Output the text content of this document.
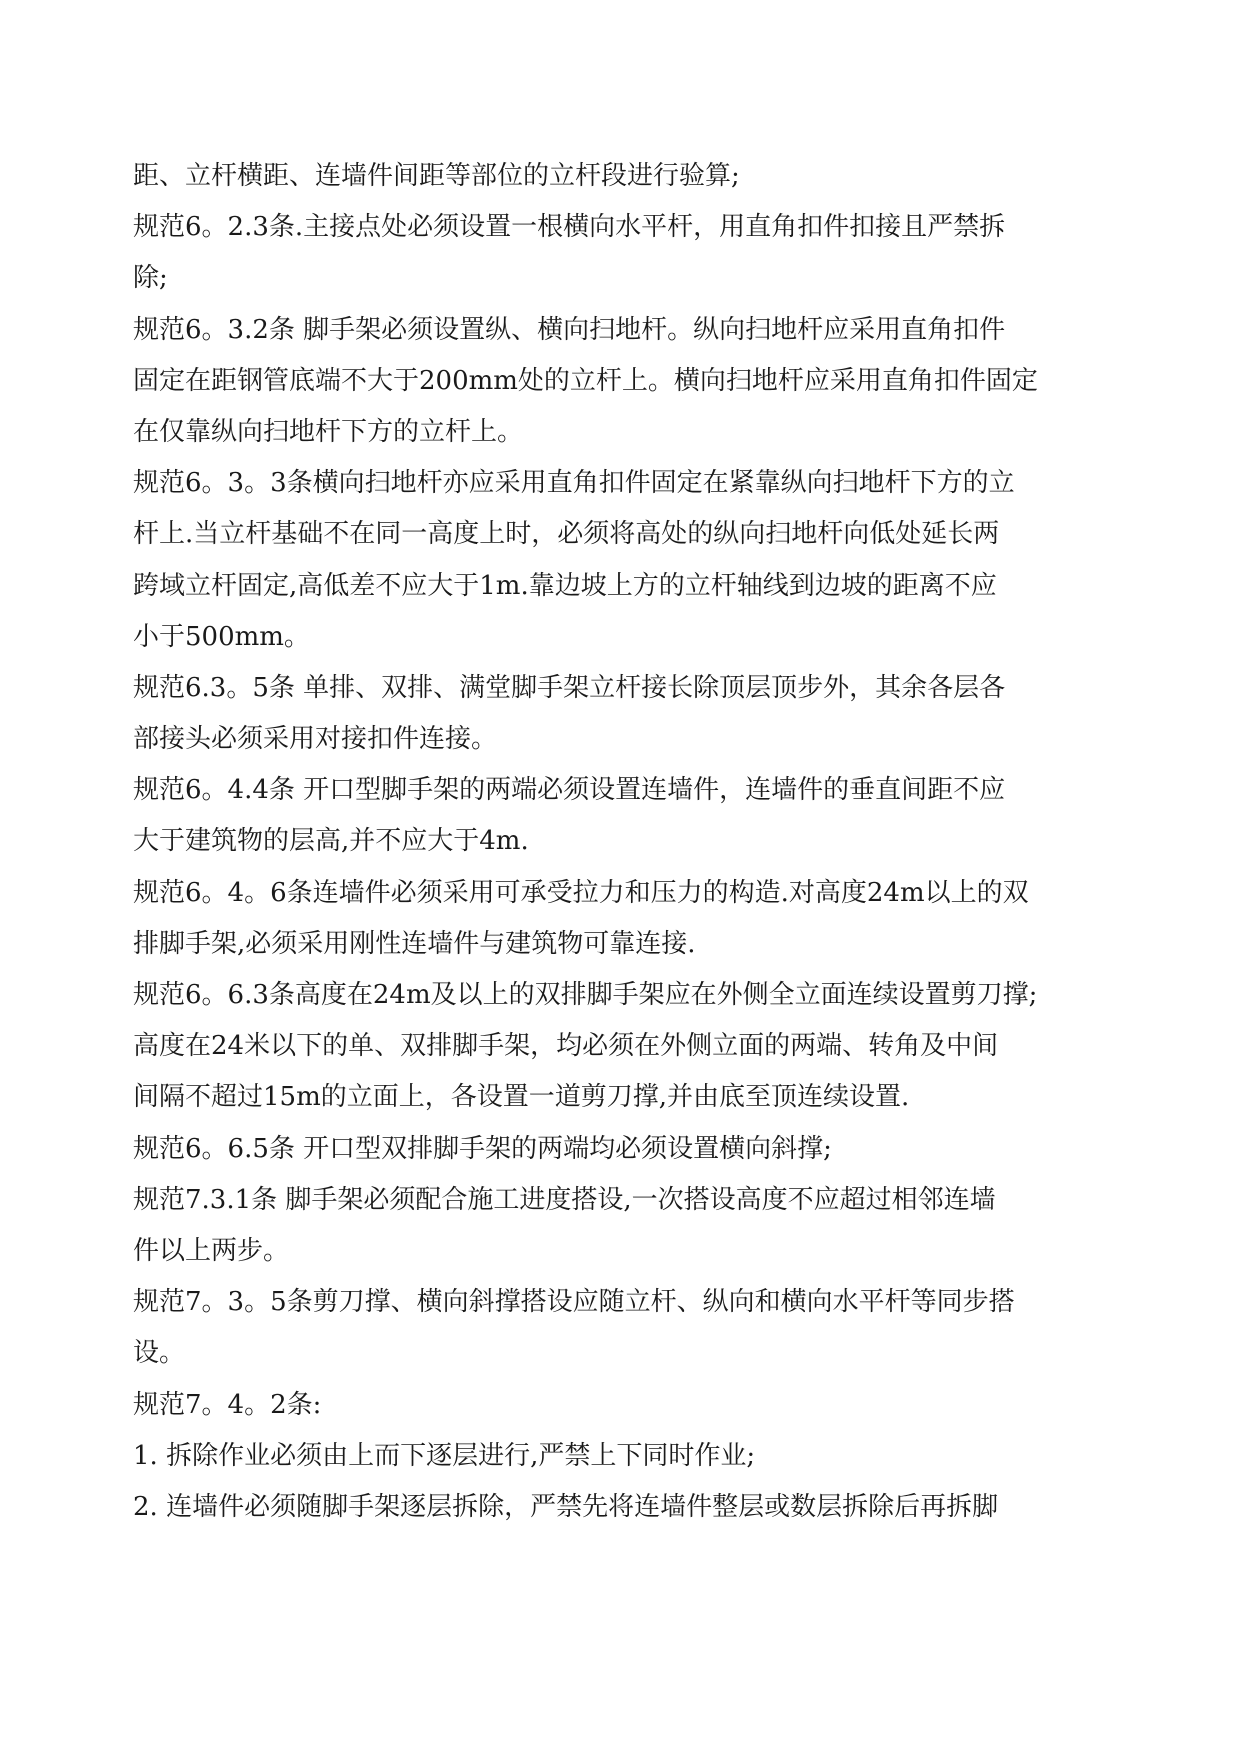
距、立杆横距、连墙件间距等部位的立杆段进行验算;
规范6。2.3条.主接点处必须设置一根横向水平杆，用直角扣件扣接且严禁拆
除;
规范6。3.2条 脚手架必须设置纵、横向扫地杆。纵向扫地杆应采用直角扣件
固定在距钢管底端不大于200mm处的立杆上。横向扫地杆应采用直角扣件固定
在仅靠纵向扫地杆下方的立杆上。
规范6。3。3条横向扫地杆亦应采用直角扣件固定在紧靠纵向扫地杆下方的立
杆上.当立杆基础不在同一高度上时，必须将高处的纵向扫地杆向低处延长两
跨域立杆固定,高低差不应大于1m.靠边坡上方的立杆轴线到边坡的距离不应
小于500mm。
规范6.3。5条 单排、双排、满堂脚手架立杆接长除顶层顶步外，其余各层各
部接头必须采用对接扣件连接。
规范6。4.4条 开口型脚手架的两端必须设置连墙件，连墙件的垂直间距不应
大于建筑物的层高,并不应大于4m.
规范6。4。6条连墙件必须采用可承受拉力和压力的构造.对高度24m以上的双
排脚手架,必须采用刚性连墙件与建筑物可靠连接.
规范6。6.3条高度在24m及以上的双排脚手架应在外侧全立面连续设置剪刀撑;
高度在24米以下的单、双排脚手架，均必须在外侧立面的两端、转角及中间
间隔不超过15m的立面上，各设置一道剪刀撑,并由底至顶连续设置.
规范6。6.5条 开口型双排脚手架的两端均必须设置横向斜撑;
规范7.3.1条 脚手架必须配合施工进度搭设,一次搭设高度不应超过相邻连墙
件以上两步。
规范7。3。5条剪刀撑、横向斜撑搭设应随立杆、纵向和横向水平杆等同步搭
设。
规范7。4。2条:
1. 拆除作业必须由上而下逐层进行,严禁上下同时作业;
2. 连墙件必须随脚手架逐层拆除，严禁先将连墙件整层或数层拆除后再拆脚
